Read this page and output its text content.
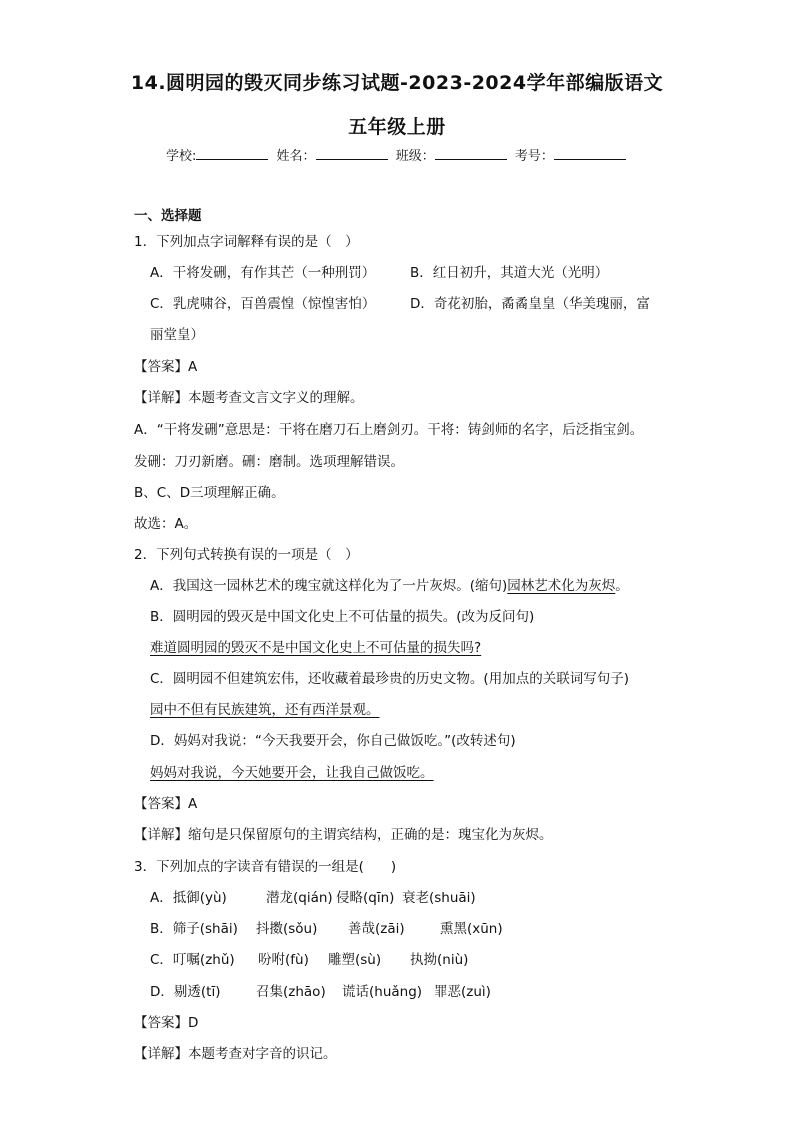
14.圆明园的毁灭同步练习试题-2023-2024学年部编版语文
五年级上册
学校:	姓名：	班级：	考号：
一、选择题
1．下列加点字词解释有误的是（　）
A．干将发硎，有作其芒（一种刑罚）	B．红日初升，其道大光（光明）
C．乳虎啸谷，百兽震惶（惊惶害怕）	D．奇花初胎，矞矞皇皇（华美瑰丽，富
丽堂皇）
【答案】A
【详解】本题考查文言文字义的理解。
A．“干将发硎”意思是：干将在磨刀石上磨剑刃。干将：铸剑师的名字，后泛指宝剑。
发硎：刀刃新磨。硎：磨制。选项理解错误。
B、C、D三项理解正确。
故选：A。
2．下列句式转换有误的一项是（　）
A．我国这一园林艺术的瑰宝就这样化为了一片灰烬。(缩句)园林艺术化为灰烬。
B．圆明园的毁灭是中国文化史上不可估量的损失。(改为反问句)
难道圆明园的毁灭不是中国文化史上不可估量的损失吗?
C．圆明园不但建筑宏伟，还收藏着最珍贵的历史文物。(用加点的关联词写句子)
园中不但有民族建筑，还有西洋景观。
D．妈妈对我说：“今天我要开会，你自己做饭吃。”(改转述句)
妈妈对我说，今天她要开会，让我自己做饭吃。
【答案】A
【详解】缩句是只保留原句的主谓宾结构，正确的是：瑰宝化为灰烬。
3．下列加点的字读音有错误的一组是(　　)
A．抵御(yù)	潜龙(qián) 侵略(qīn) 衰老(shuāi)
B．筛子(shāi) 抖擞(sǒu) 善哉(zāi)	熏黑(xūn)
C．叮嘱(zhǔ) 吩咐(fù) 雕塑(sù) 执拗(niù)
D．剔透(tī)	召集(zhāo) 谎话(huǎng) 罪恶(zuì)
【答案】D
【详解】本题考查对字音的识记。
